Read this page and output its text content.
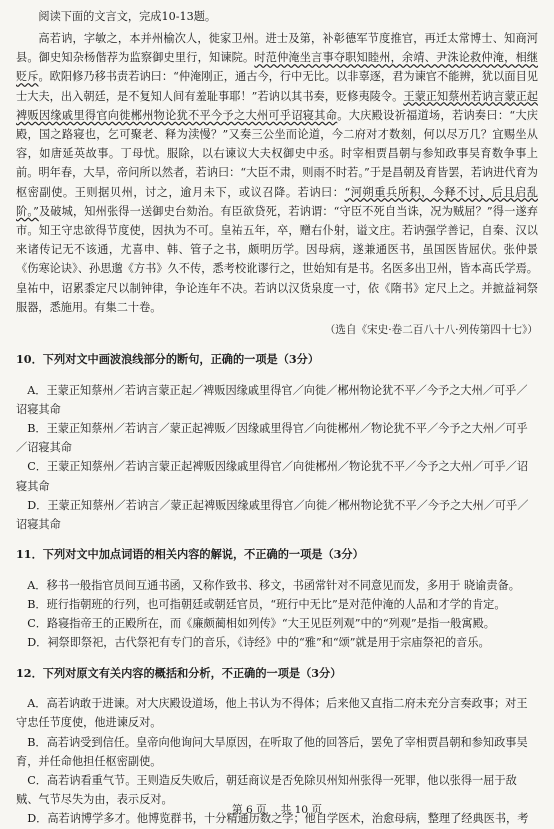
阅读下面的文言文，完成10-13题。

高若讷，字敏之，本并州榆次人，徙家卫州。进士及第，补彰德军节度推官，再迁太常博士、知商河县。御史知杂杨偕荐为监察御史里行，知谏院。时范仲淹坐言事夺职知睦州，余靖、尹洙论救仲淹，相继贬斥。欧阳修乃移书责若讷曰：“仲淹刚正，通古今，行中无比。以非辜逐，君为谏官不能辨，犹以面目见士大夫，出入朝廷，是不复知人间有羞耻事耶！”若讷以其书奏，贬修夷陵令。王蒙正知蔡州若讷言蒙正起裨贩因缘戚里得官向徙郴州物论犹不平今予之大州可乎诏寝其命。大庆殿设祈福道场，若讷奏曰：“大庆殿，国之路寝也，乞可聚老、释为渎慢？”又奏三公坐而论道，今二府对才数刻，何以尽万几？宜赐坐从容，如唐延英故事。丁母忧。服除，以右谏议大夫权御史中丞。时宰相贾昌朝与参知政事吴育数争事上前。明年春，大旱，帝问所以然者，若讷曰：“大臣不肃，则雨不时若。”于是昌朝及育皆罢，若讷进代育为枢密副使。王则据贝州，讨之，逾月未下，或议召降。若讷曰：“河朔重兵所积，今释不讨，后且启乱阶。”及破城，知州张得一送御史台劾治。有臣欲贷死，若讷谓：“守臣不死自当诛，况为贼屈？”得一遂弃市。知王守忠欲得节度使，因执为不可。皇祐五年，卒，赠右仆射，谥文庄。若讷强学善记，自秦、汉以来诸传记无不该通，尤喜申、韩、管子之书，颇明历学。因母病，遂兼通医书，虽国医皆屈伏。张仲景《伤寒论诀》、孙思邈《方书》久不传，悉考校讹谬行之，世始知有是书。名医多出卫州，皆本高氏学焉。皇祐中，诏累黍定尺以制钟律，争论连年不决。若讷以汉货泉度一寸，依《隋书》定尺上之。并摭益祠祭服器，悉施用。有集二十卷。

（选自《宋史·卷二百八十八·列传第四十七》）

10．下列对文中画波浪线部分的断句，正确的一项是（3分）

A．王蒙正知蔡州／若讷言蒙正起／裨贩因缘戚里得官／向徙／郴州物论犹不平／今予之大州／可乎／诏寝其命

B．王蒙正知蔡州／若讷言／蒙正起裨贩／因缘戚里得官／向徙郴州／物论犹不平／今予之大州／可乎／诏寝其命

C．王蒙正知蔡州／若讷言蒙正起裨贩因缘戚里得官／向徙郴州／物论犹不平／今予之大州／可乎／诏寝其命

D．王蒙正知蔡州／若讷言／蒙正起裨贩因缘戚里得官／向徙／郴州物论犹不平／今予之大州／可乎／诏寝其命

11．下列对文中加点词语的相关内容的解说，不正确的一项是（3分）

A．移书一般指官员间互通书函，又称作致书、移文，书函常针对不同意见而发，多用于 晓谕责备。

B．班行指朝班的行列，也可指朝廷或朝廷官员，“班行中无比”是对范仲淹的人品和才学的肯定。

C．路寝指帝王的正殿所在，而《廉颇蔺相如列传》“大王见臣列观”中的“列观”是指一般寓殿。

D．祠祭即祭祀，古代祭祀有专门的音乐，《诗经》中的“雅”和“颂”就是用于宗庙祭祀的音乐。

12．下列对原文有关内容的概括和分析，不正确的一项是（3分）

A．高若讷敢于进谏。对大庆殿设道场，他上书认为不得体；后来他又直指二府未充分言奏政事；对王守忠任节度使，他进谏反对。

B．高若讷受到信任。皇帝向他询问大旱原因，在听取了他的回答后，罢免了宰相贾昌朝和参知政事吴育，并任命他担任枢密副使。

C．高若讷看重气节。王则造反失败后，朝廷商议是否免除贝州知州张得一死罪，他以张得一屈于敌贼、气节尽失为由，表示反对。

D．高若讷博学多才。他博览群书，十分精通历数之学；他自学医术，治愈母病，整理了经典医书，考

第 6 页　 共 10 页
